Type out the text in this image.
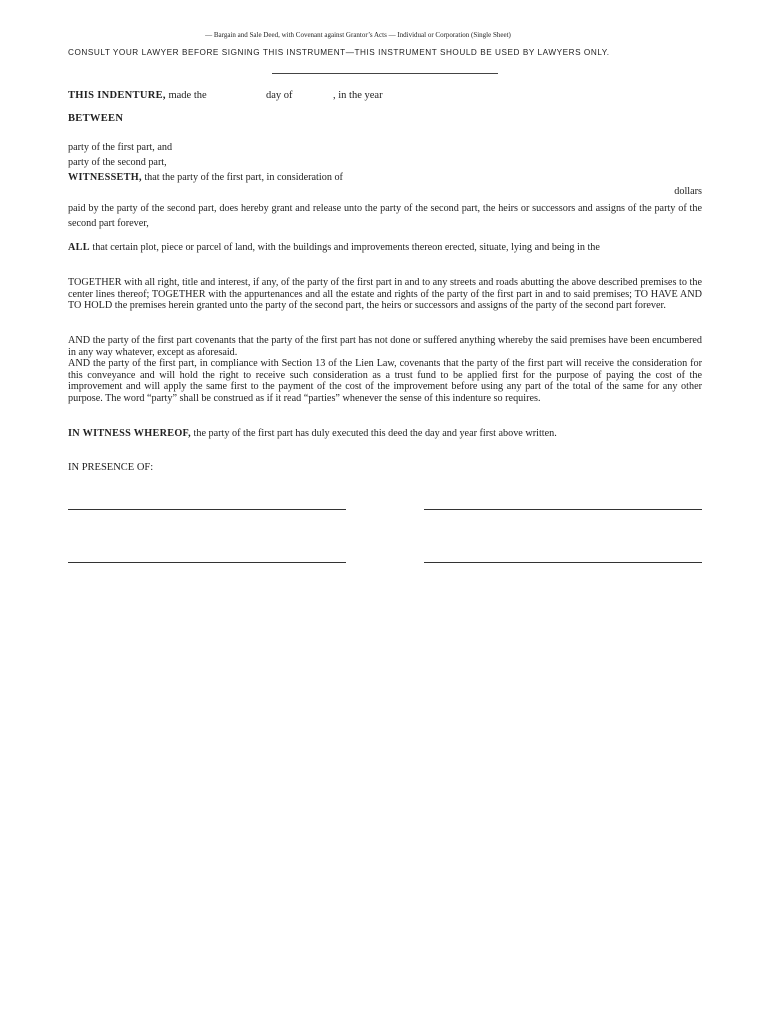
— Bargain and Sale Deed, with Covenant against Grantor’s Acts — Individual or Corporation (Single Sheet)
CONSULT YOUR LAWYER BEFORE SIGNING THIS INSTRUMENT—THIS INSTRUMENT SHOULD BE USED BY LAWYERS ONLY.
THIS INDENTURE, made the	day of	, in the year
BETWEEN
party of the first part, and
party of the second part,
WITNESSETH, that the party of the first part, in consideration of
dollars
paid by the party of the second part, does hereby grant and release unto the party of the second part, the heirs or successors and assigns of the party of the second part forever,
ALL that certain plot, piece or parcel of land, with the buildings and improvements thereon erected, situate, lying and being in the
TOGETHER with all right, title and interest, if any, of the party of the first part in and to any streets and roads abutting the above described premises to the center lines thereof; TOGETHER with the appurtenances and all the estate and rights of the party of the first part in and to said premises; TO HAVE AND TO HOLD the premises herein granted unto the party of the second part, the heirs or successors and assigns of the party of the second part forever.
AND the party of the first part covenants that the party of the first part has not done or suffered anything whereby the said premises have been encumbered in any way whatever, except as aforesaid.
AND the party of the first part, in compliance with Section 13 of the Lien Law, covenants that the party of the first part will receive the consideration for this conveyance and will hold the right to receive such consideration as a trust fund to be applied first for the purpose of paying the cost of the improvement and will apply the same first to the payment of the cost of the improvement before using any part of the total of the same for any other purpose. The word “party” shall be construed as if it read “parties” whenever the sense of this indenture so requires.
IN WITNESS WHEREOF, the party of the first part has duly executed this deed the day and year first above written.
IN PRESENCE OF:
